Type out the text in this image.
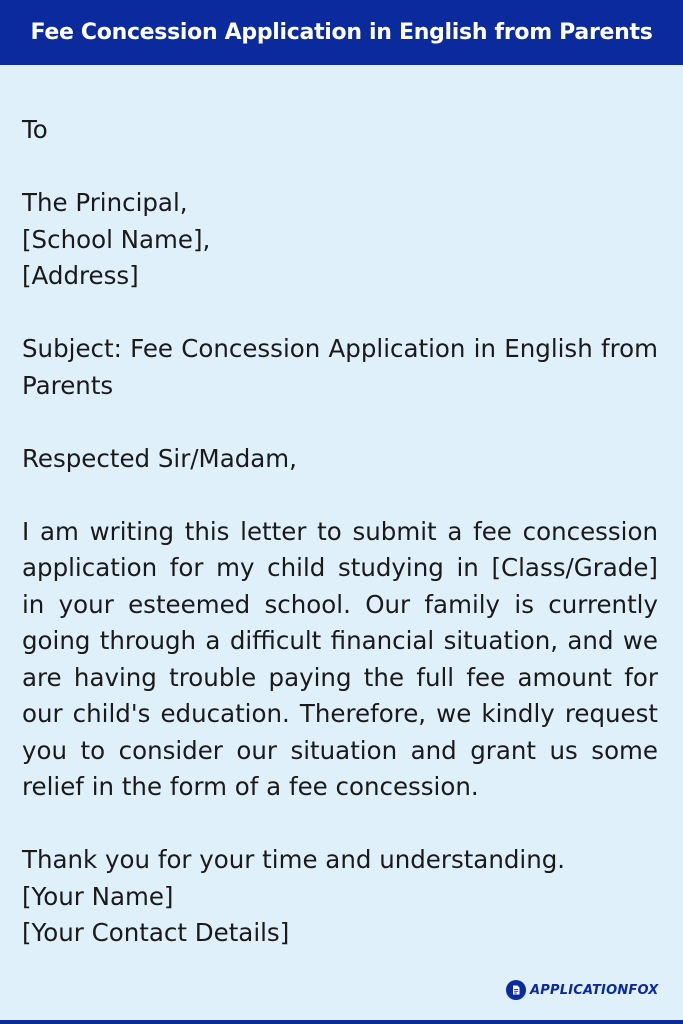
Fee Concession Application in English from Parents

To

The Principal,
[School Name],
[Address]

Subject: Fee Concession Application in English from Parents

Respected Sir/Madam,

I am writing this letter to submit a fee concession application for my child studying in [Class/Grade] in your esteemed school. Our family is currently going through a difficult financial situation, and we are having trouble paying the full fee amount for our child's education. Therefore, we kindly request you to consider our situation and grant us some relief in the form of a fee concession.

Thank you for your time and understanding.

[Your Name]

[Your Contact Details]

APPLICATIONFOX
